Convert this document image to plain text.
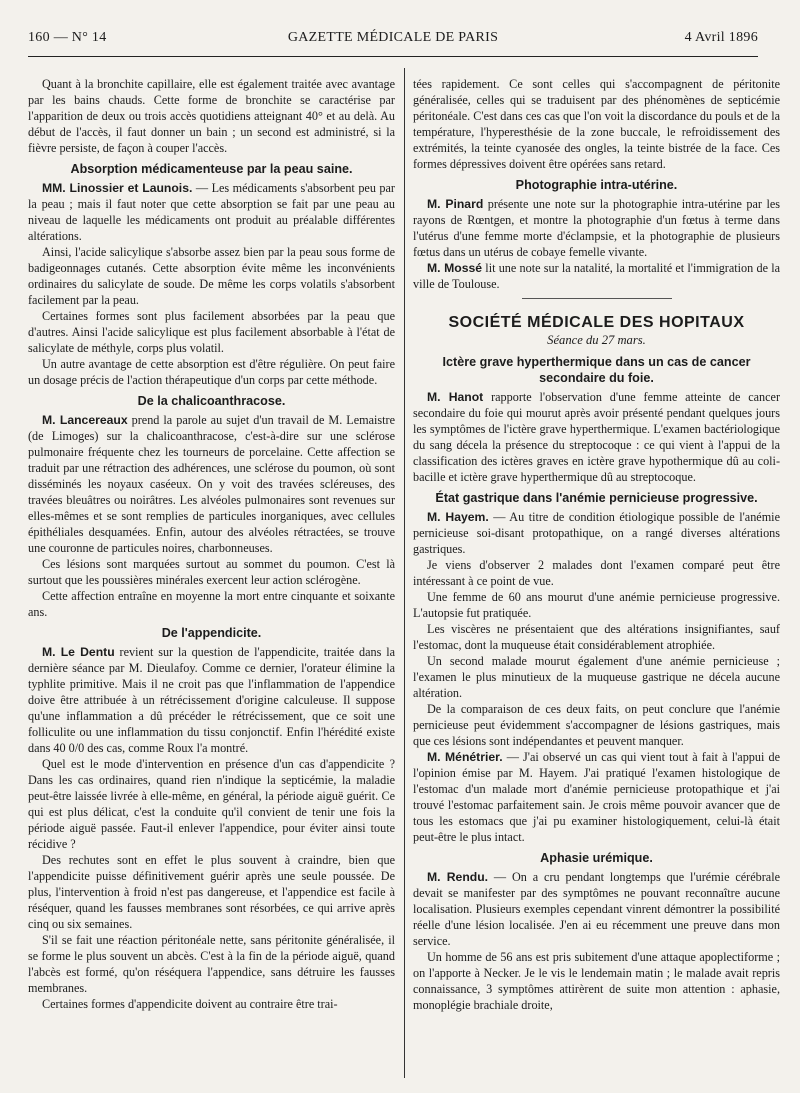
160 — N° 14	GAZETTE MÉDICALE DE PARIS	4 Avril 1896

Quant à la bronchite capillaire, elle est également traitée avec avantage par les bains chauds. Cette forme de bronchite se caractérise par l'apparition de deux ou trois accès quotidiens atteignant 40° et au delà. Au début de l'accès, il faut donner un bain ; un second est administré, si la fièvre persiste, de façon à couper l'accès.

Absorption médicamenteuse par la peau saine.

MM. Linossier et Launois. — Les médicaments s'absorbent peu par la peau ; mais il faut noter que cette absorption se fait par une peau au niveau de laquelle les médicaments ont produit au préalable différentes altérations.

Ainsi, l'acide salicylique s'absorbe assez bien par la peau sous forme de badigeonnages cutanés. Cette absorption évite même les inconvénients ordinaires du salicylate de soude. De même les corps volatils s'absorbent facilement par la peau.

Certaines formes sont plus facilement absorbées par la peau que d'autres. Ainsi l'acide salicylique est plus facilement absorbable à l'état de salicylate de méthyle, corps plus volatil.

Un autre avantage de cette absorption est d'être régulière. On peut faire un dosage précis de l'action thérapeutique d'un corps par cette méthode.

De la chalicoanthracose.

M. Lancereaux prend la parole au sujet d'un travail de M. Lemaistre (de Limoges) sur la chalicoanthracose, c'est-à-dire sur une sclérose pulmonaire fréquente chez les tourneurs de porcelaine. Cette affection se traduit par une rétraction des adhérences, une sclérose du poumon, où sont disséminés les noyaux caséeux. On y voit des travées scléreuses, des travées bleuâtres ou noirâtres. Les alvéoles pulmonaires sont revenues sur elles-mêmes et se sont remplies de particules inorganiques, avec cellules épithéliales desquamées. Enfin, autour des alvéoles rétractées, se trouve une couronne de particules noires, charbonneuses.

Ces lésions sont marquées surtout au sommet du poumon. C'est là surtout que les poussières minérales exercent leur action sclérogène.

Cette affection entraîne en moyenne la mort entre cinquante et soixante ans.

De l'appendicite.

M. Le Dentu revient sur la question de l'appendicite, traitée dans la dernière séance par M. Dieulafoy. Comme ce dernier, l'orateur élimine la typhlite primitive. Mais il ne croit pas que l'inflammation de l'appendice doive être attribuée à un rétrécissement d'origine calculeuse. Il suppose qu'une inflammation a dû précéder le rétrécissement, que ce soit une folliculite ou une inflammation du tissu conjonctif. Enfin l'hérédité existe dans 40 0/0 des cas, comme Roux l'a montré.

Quel est le mode d'intervention en présence d'un cas d'appendicite ? Dans les cas ordinaires, quand rien n'indique la septicémie, la maladie peut-être laissée livrée à elle-même, en général, la période aiguë guérit. Ce qui est plus délicat, c'est la conduite qu'il convient de tenir une fois la période aiguë passée. Faut-il enlever l'appendice, pour éviter ainsi toute récidive ?

Des rechutes sont en effet le plus souvent à craindre, bien que l'appendicite puisse définitivement guérir après une seule poussée. De plus, l'intervention à froid n'est pas dangereuse, et l'appendice est facile à réséquer, quand les fausses membranes sont résorbées, ce qui arrive après cinq ou six semaines.

S'il se fait une réaction péritonéale nette, sans péritonite généralisée, il se forme le plus souvent un abcès. C'est à la fin de la période aiguë, quand l'abcès est formé, qu'on réséquera l'appendice, sans détruire les fausses membranes.

Certaines formes d'appendicite doivent au contraire être trai-

tées rapidement. Ce sont celles qui s'accompagnent de péritonite généralisée, celles qui se traduisent par des phénomènes de septicémie péritonéale. C'est dans ces cas que l'on voit la discordance du pouls et de la température, l'hyperesthésie de la zone buccale, le refroidissement des extrémités, la teinte cyanosée des ongles, la teinte bistrée de la face. Ces formes dépressives doivent être opérées sans retard.

Photographie intra-utérine.

M. Pinard présente une note sur la photographie intra-utérine par les rayons de Rœntgen, et montre la photographie d'un fœtus à terme dans l'utérus d'une femme morte d'éclampsie, et la photographie de plusieurs fœtus dans un utérus de cobaye femelle vivante.

M. Mossé lit une note sur la natalité, la mortalité et l'immigration de la ville de Toulouse.

SOCIÉTÉ MÉDICALE DES HOPITAUX
Séance du 27 mars.
Ictère grave hyperthermique dans un cas de cancer secondaire du foie.

M. Hanot rapporte l'observation d'une femme atteinte de cancer secondaire du foie qui mourut après avoir présenté pendant quelques jours les symptômes de l'ictère grave hyperthermique. L'examen bactériologique du sang décela la présence du streptocoque : ce qui vient à l'appui de la classification des ictères graves en ictère grave hypothermique dû au coli-bacille et ictère grave hyperthermique dû au streptocoque.

État gastrique dans l'anémie pernicieuse progressive.

M. Hayem. — Au titre de condition étiologique possible de l'anémie pernicieuse soi-disant protopathique, on a rangé diverses altérations gastriques.

Je viens d'observer 2 malades dont l'examen comparé peut être intéressant à ce point de vue.

Une femme de 60 ans mourut d'une anémie pernicieuse progressive. L'autopsie fut pratiquée.

Les viscères ne présentaient que des altérations insignifiantes, sauf l'estomac, dont la muqueuse était considérablement atrophiée.

Un second malade mourut également d'une anémie pernicieuse ; l'examen le plus minutieux de la muqueuse gastrique ne décela aucune altération.

De la comparaison de ces deux faits, on peut conclure que l'anémie pernicieuse peut évidemment s'accompagner de lésions gastriques, mais que ces lésions sont indépendantes et peuvent manquer.

M. Ménétrier. — J'ai observé un cas qui vient tout à fait à l'appui de l'opinion émise par M. Hayem. J'ai pratiqué l'examen histologique de l'estomac d'un malade mort d'anémie pernicieuse protopathique et j'ai trouvé l'estomac parfaitement sain. Je crois même pouvoir avancer que de tous les estomacs que j'ai pu examiner histologiquement, celui-là était peut-être le plus intact.

Aphasie urémique.

M. Rendu. — On a cru pendant longtemps que l'urémie cérébrale devait se manifester par des symptômes ne pouvant reconnaître aucune localisation. Plusieurs exemples cependant vinrent démontrer la possibilité réelle d'une lésion localisée. J'en ai eu récemment une preuve dans mon service.

Un homme de 56 ans est pris subitement d'une attaque apoplectiforme ; on l'apporte à Necker. Je le vis le lendemain matin ; le malade avait repris connaissance, 3 symptômes attirèrent de suite mon attention : aphasie, monoplégie brachiale droite,
